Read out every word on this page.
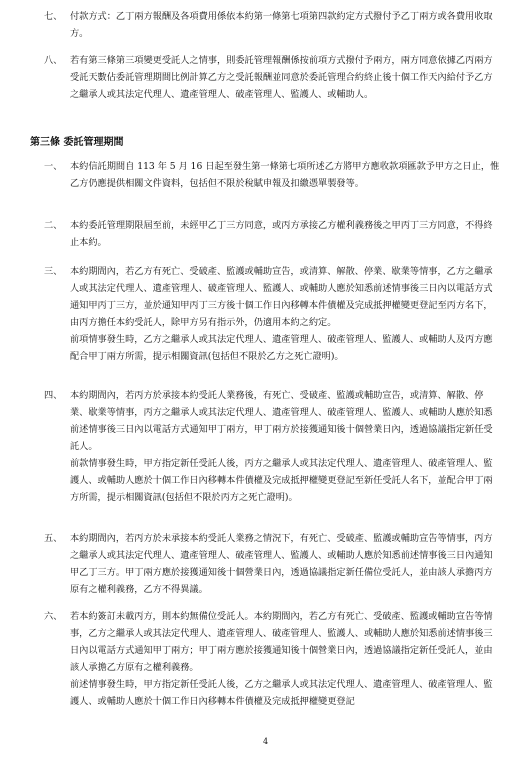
七、 付款方式：乙丁兩方報酬及各項費用係依本約第一條第七項第四款約定方式撥付予乙丁兩方或各費用收取方。
八、 若有第三條第三項變更受託人之情事，則委託管理報酬係按前項方式撥付予兩方，兩方同意依據乙丙兩方受託天數佔委託管理期間比例計算乙方之受託報酬並同意於委託管理合約終止後十個工作天內給付予乙方之繼承人或其法定代理人、遺產管理人、破產管理人、監護人、或輔助人。
第三條 委託管理期間
一、 本約信託期間自 113 年 5 月 16 日起至發生第一條第七項所述乙方將甲方應收款項匯款予甲方之日止，惟乙方仍應提供相關文件資料，包括但不限於稅賦申報及扣繳憑單製發等。
二、 本約委託管理期限屆至前，未經甲乙丁三方同意，或丙方承接乙方權利義務後之甲丙丁三方同意，不得終止本約。
三、 本約期間內，若乙方有死亡、受破產、監護或輔助宣告，或清算、解散、停業、歇業等情事，乙方之繼承人或其法定代理人、遺產管理人、破產管理人、監護人、或輔助人應於知悉前述情事後三日內以電話方式通知甲丙丁三方，並於通知甲丙丁三方後十個工作日內移轉本件債權及完成抵押權變更登記至丙方名下，由丙方擔任本約受託人，除甲方另有指示外，仍適用本約之約定。
前項情事發生時，乙方之繼承人或其法定代理人、遺產管理人、破產管理人、監護人、或輔助人及丙方應配合甲丁兩方所需，提示相關資訊(包括但不限於乙方之死亡證明)。
四、 本約期間內，若丙方於承接本約受託人業務後，有死亡、受破產、監護或輔助宣告，或清算、解散、停業、歇業等情事，丙方之繼承人或其法定代理人、遺產管理人、破產管理人、監護人、或輔助人應於知悉前述情事後三日內以電話方式通知甲丁兩方，甲丁兩方於接獲通知後十個營業日內，透過協議指定新任受託人。
前款情事發生時，甲方指定新任受託人後，丙方之繼承人或其法定代理人、遺產管理人、破產管理人、監護人、或輔助人應於十個工作日內移轉本件債權及完成抵押權變更登記至新任受託人名下，並配合甲丁兩方所需，提示相關資訊(包括但不限於丙方之死亡證明)。
五、 本約期間內，若丙方於未承接本約受託人業務之情況下，有死亡、受破產、監護或輔助宣告等情事，丙方之繼承人或其法定代理人、遺產管理人、破產管理人、監護人、或輔助人應於知悉前述情事後三日內通知甲乙丁三方。甲丁兩方應於接獲通知後十個營業日內，透過協議指定新任備位受託人，並由該人承擔丙方原有之權利義務，乙方不得異議。
六、 若本約簽訂未載丙方，則本約無備位受託人。本約期間內，若乙方有死亡、受破產、監護或輔助宣告等情事，乙方之繼承人或其法定代理人、遺產管理人、破產管理人、監護人、或輔助人應於知悉前述情事後三日內以電話方式通知甲丁兩方；甲丁兩方應於接獲通知後十個營業日內，透過協議指定新任受託人，並由該人承擔乙方原有之權利義務。
前述情事發生時，甲方指定新任受託人後，乙方之繼承人或其法定代理人、遺產管理人、破產管理人、監護人、或輔助人應於十個工作日內移轉本件債權及完成抵押權變更登記
4
